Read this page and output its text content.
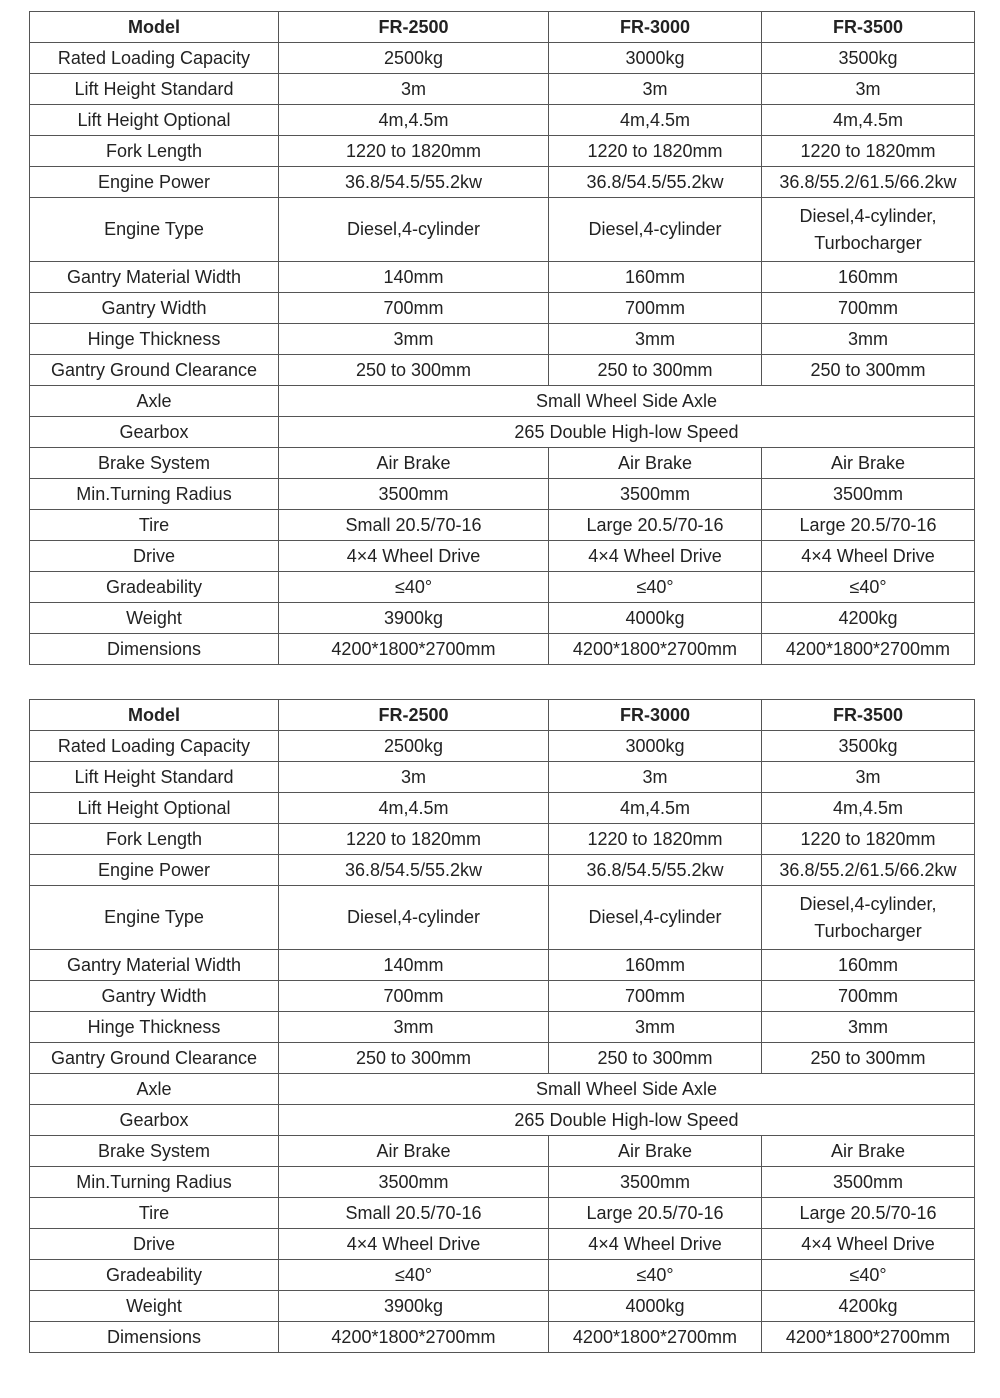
Model	FR-2500	FR-3000	FR-3500
Rated Loading Capacity	2500kg	3000kg	3500kg
Lift Height Standard	3m	3m	3m
Lift Height Optional	4m,4.5m	4m,4.5m	4m,4.5m
Fork Length	1220 to 1820mm	1220 to 1820mm	1220 to 1820mm
Engine Power	36.8/54.5/55.2kw	36.8/54.5/55.2kw	36.8/55.2/61.5/66.2kw
Engine Type	Diesel,4-cylinder	Diesel,4-cylinder	Diesel,4-cylinder, Turbocharger
Gantry Material Width	140mm	160mm	160mm
Gantry Width	700mm	700mm	700mm
Hinge Thickness	3mm	3mm	3mm
Gantry Ground Clearance	250 to 300mm	250 to 300mm	250 to 300mm
Axle	Small Wheel Side Axle		
Gearbox	265 Double High-low Speed		
Brake System	Air Brake	Air Brake	Air Brake
Min.Turning Radius	3500mm	3500mm	3500mm
Tire	Small 20.5/70-16	Large 20.5/70-16	Large 20.5/70-16
Drive	4×4 Wheel Drive	4×4 Wheel Drive	4×4 Wheel Drive
Gradeability	≤40°	≤40°	≤40°
Weight	3900kg	4000kg	4200kg
Dimensions	4200*1800*2700mm	4200*1800*2700mm	4200*1800*2700mm
Model	FR-2500	FR-3000	FR-3500
Rated Loading Capacity	2500kg	3000kg	3500kg
Lift Height Standard	3m	3m	3m
Lift Height Optional	4m,4.5m	4m,4.5m	4m,4.5m
Fork Length	1220 to 1820mm	1220 to 1820mm	1220 to 1820mm
Engine Power	36.8/54.5/55.2kw	36.8/54.5/55.2kw	36.8/55.2/61.5/66.2kw
Engine Type	Diesel,4-cylinder	Diesel,4-cylinder	Diesel,4-cylinder, Turbocharger
Gantry Material Width	140mm	160mm	160mm
Gantry Width	700mm	700mm	700mm
Hinge Thickness	3mm	3mm	3mm
Gantry Ground Clearance	250 to 300mm	250 to 300mm	250 to 300mm
Axle	Small Wheel Side Axle		
Gearbox	265 Double High-low Speed		
Brake System	Air Brake	Air Brake	Air Brake
Min.Turning Radius	3500mm	3500mm	3500mm
Tire	Small 20.5/70-16	Large 20.5/70-16	Large 20.5/70-16
Drive	4×4 Wheel Drive	4×4 Wheel Drive	4×4 Wheel Drive
Gradeability	≤40°	≤40°	≤40°
Weight	3900kg	4000kg	4200kg
Dimensions	4200*1800*2700mm	4200*1800*2700mm	4200*1800*2700mm
